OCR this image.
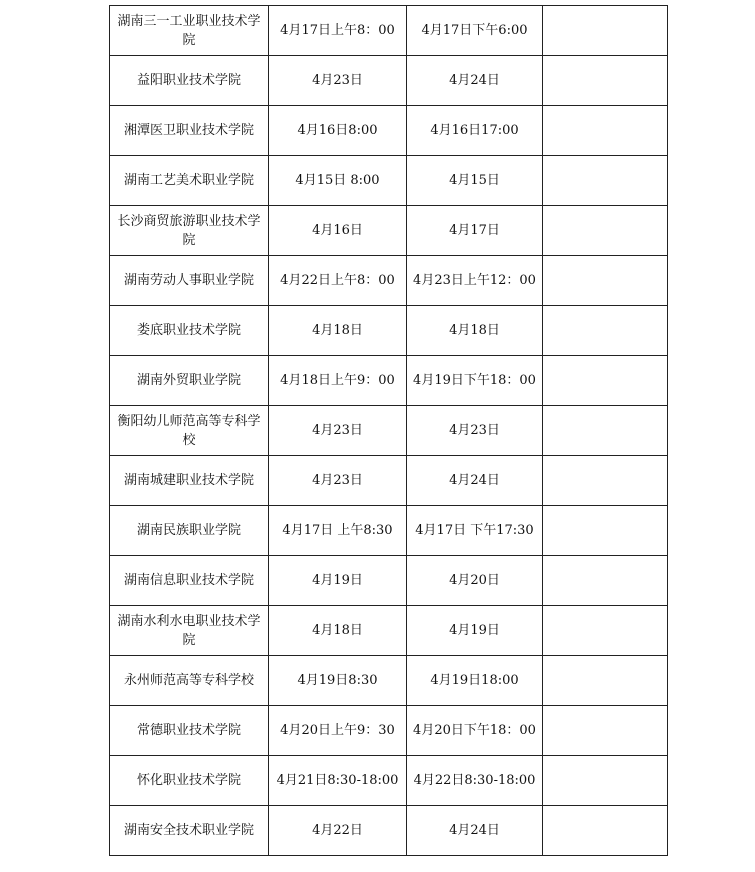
湖南三一工业职业技术学院	4月17日上午8：00	4月17日下午6:00	
益阳职业技术学院	4月23日	4月24日	
湘潭医卫职业技术学院	4月16日8:00	4月16日17:00	
湖南工艺美术职业学院	4月15日 8:00	4月15日	
长沙商贸旅游职业技术学院	4月16日	4月17日	
湖南劳动人事职业学院	4月22日上午8：00	4月23日上午12：00	
娄底职业技术学院	4月18日	4月18日	
湖南外贸职业学院	4月18日上午9：00	4月19日下午18：00	
衡阳幼儿师范高等专科学校	4月23日	4月23日	
湖南城建职业技术学院	4月23日	4月24日	
湖南民族职业学院	4月17日 上午8:30	4月17日 下午17:30	
湖南信息职业技术学院	4月19日	4月20日	
湖南水利水电职业技术学院	4月18日	4月19日	
永州师范高等专科学校	4月19日8:30	4月19日18:00	
常德职业技术学院	4月20日上午9：30	4月20日下午18：00	
怀化职业技术学院	4月21日8:30-18:00	4月22日8:30-18:00	
湖南安全技术职业学院	4月22日	4月24日	
